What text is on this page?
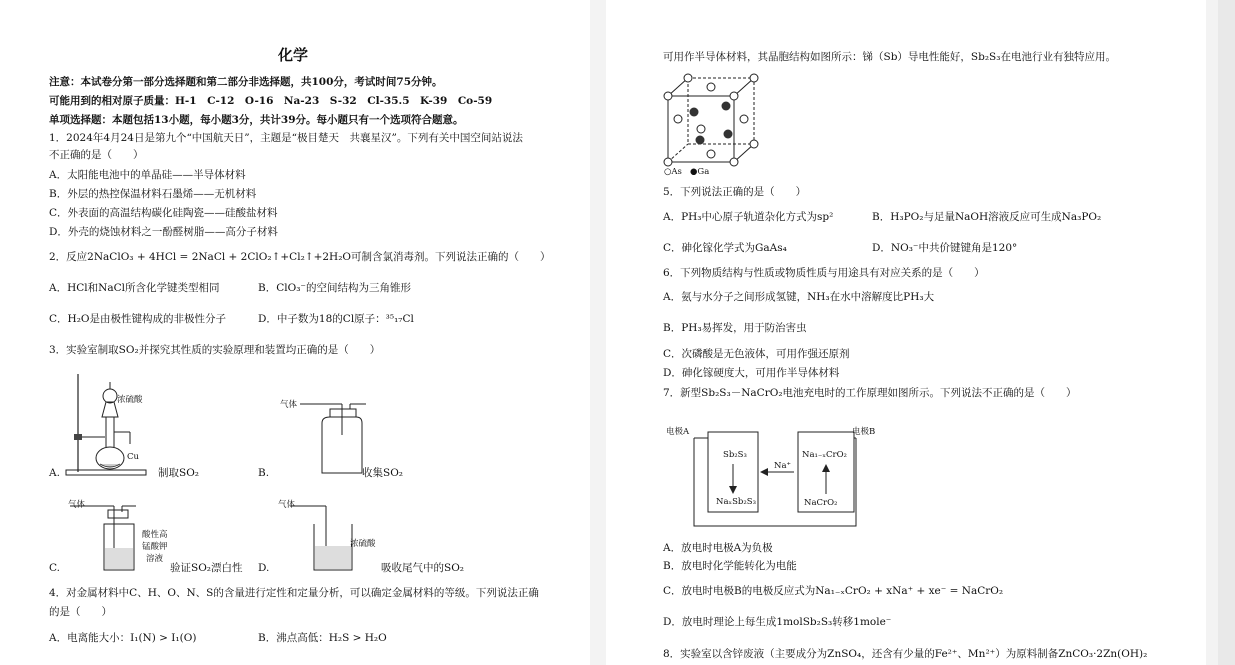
化学
注意：本试卷分第一部分选择题和第二部分非选择题，共100分，考试时间75分钟。
可能用到的相对原子质量：H-1　C-12　O-16　Na-23　S-32　Cl-35.5　K-39　Co-59
单项选择题：本题包括13小题，每小题3分，共计39分。每小题只有一个选项符合题意。
1．2024年4月24日是第九个“中国航天日”，主题是“极目楚天　共襄星汉”。下列有关中国空间站说法
不正确的是（　　）
A．太阳能电池中的单晶硅——半导体材料
B．外层的热控保温材料石墨烯——无机材料
C．外表面的高温结构碳化硅陶瓷——硅酸盐材料
D．外壳的烧蚀材料之一酚醛树脂——高分子材料
2．反应2NaClO₃ + 4HCl = 2NaCl + 2ClO₂↑+Cl₂↑+2H₂O可制含氯消毒剂。下列说法正确的（　　）
A．HCl和NaCl所含化学键类型相同	B．ClO₃⁻的空间结构为三角锥形
C．H₂O是由极性键构成的非极性分子	D．中子数为18的Cl原子：³⁵₁₇Cl
3．实验室制取SO₂并探究其性质的实验原理和装置均正确的是（　　）
浓硫酸
Cu
A.	制取SO₂
气体
B.	收集SO₂
气体
酸性高
锰酸钾
溶液
C.	验证SO₂漂白性
气体
浓硫酸
D.	吸收尾气中的SO₂
4．对金属材料中C、H、O、N、S的含量进行定性和定量分析，可以确定金属材料的等级。下列说法正确
的是（　　）
A．电离能大小：I₁(N) > I₁(O)	B．沸点高低：H₂S > H₂O
可用作半导体材料，其晶胞结构如图所示：锑（Sb）导电性能好，Sb₂S₃在电池行业有独特应用。
○As ●Ga
5．下列说法正确的是（　　）
A．PH₃中心原子轨道杂化方式为sp²	B．H₃PO₂与足量NaOH溶液反应可生成Na₃PO₂
C．砷化镓化学式为GaAs₄	D．NO₃⁻中共价键键角是120°
6．下列物质结构与性质或物质性质与用途具有对应关系的是（　　）
A．氨与水分子之间形成氢键，NH₃在水中溶解度比PH₃大
B．PH₃易挥发，用于防治害虫
C．次磷酸是无色液体，可用作强还原剂
D．砷化镓硬度大，可用作半导体材料
7．新型Sb₂S₃－NaCrO₂电池充电时的工作原理如图所示。下列说法不正确的是（　　）
电极A	电极B
Sb₂S₃
NaₓSb₂S₃
Na⁺
Na₁₋ₓCrO₂
NaCrO₂
A．放电时电极A为负极
B．放电时化学能转化为电能
C．放电时电极B的电极反应式为Na₁₋ₓCrO₂ + xNa⁺ + xe⁻ = NaCrO₂
D．放电时理论上每生成1molSb₂S₃转移1mole⁻
8．实验室以含锌废液（主要成分为ZnSO₄，还含有少量的Fe²⁺、Mn²⁺）为原料制备ZnCO₃·2Zn(OH)₂
